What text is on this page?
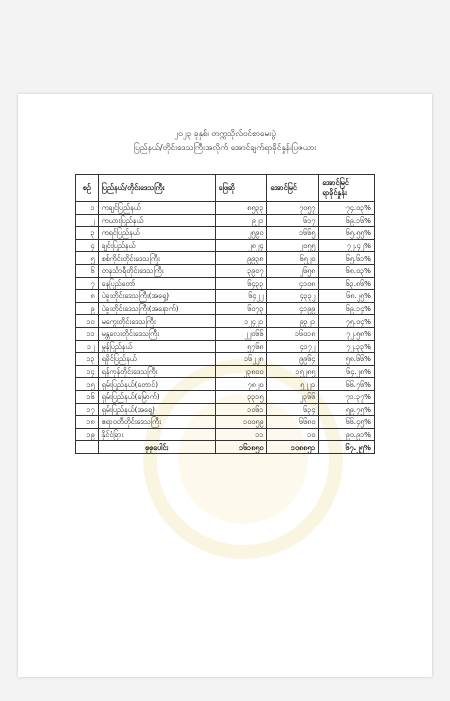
၂၀၂၃ ခုနှစ်၊ တက္ကသိုလ်ဝင်စာမေးပွဲ
ပြည်နယ်/တိုင်းဒေသကြီးအလိုက် အောင်ချက်ရာခိုင်နှုန်းပြဇယား
စဉ်	ပြည်နယ်/တိုင်းဒေသကြီး	ဖြေဆို	အောင်မြင်	အောင်မြင် ရာခိုင်နှုန်း
၁	ကချင်ပြည်နယ်	၈၅၃၃	၇၀၅၇	၇၄.၀၃%
၂	ကယားပြည်နယ်	၉၂၁	၆၁၇	၆၉.၁၆%
၃	ကရင်ပြည်နယ်	၂၅၉၀	၁၆၆၅	၆၅.၅၅%
၄	ချင်းပြည်နယ်	၂၈၂၄	၂၀၅၅	၇၂.၄၂%
၅	စစ်ကိုင်းတိုင်းဒေသကြီး	၉၉၃၈	၆၅၂၀	၆၅.၆၁%
၆	တနင်္သာရီတိုင်းဒေသကြီး	၃၉၀၇	၂၆၅၈	၆၈.၀၃%
၇	နေပြည်တော်	၆၄၃၃	၄၁၀၈	၆၃.၈၆%
၈	ပဲခူးတိုင်းဒေသကြီး(အရှေ့)	၆၄၂၂	၄၃၃၂	၆၈.၂၅%
၉	ပဲခူးတိုင်းဒေသကြီး(အနောက်)	၆၀၇၃	၄၁၉၉	၆၉.၁၄%
၁၀	မကွေးတိုင်းဒေသကြီး	၁၂၄၂၁	၉၃၂၁	၇၅.၀၄%
၁၁	မန္တလေးတိုင်းဒေသကြီး	၂၂၀၆၆	၁၆၀၁၈	၇၂.၅၈%
၁၂	မွန်ပြည်နယ်	၅၇၆၈	၄၁၇၂	၇၂.၃၃%
၁၃	ရခိုင်ပြည်နယ်	၁၆၂၂၈	၉၉၆၄	၅၈.၆၆%
၁၄	ရန်ကုန်တိုင်းဒေသကြီး	၂၃၈၀၀	၁၅၂၈၅	၆၄.၂၈%
၁၅	ရှမ်းပြည်နယ်(တောင်)	၇၈၂၀	၅၂၂၁	၆၆.၇၆%
၁၆	ရှမ်းပြည်နယ်(မြောက်)	၃၃၁၅	၂၃၆၆	၇၁.၃၇%
၁၇	ရှမ်းပြည်နယ်(အရှေ့)	၁၀၆၁	၆၃၄	၅၉.၇၅%
၁၈	ဧရာဝတီတိုင်းဒေသကြီး	၁၀၀၅၉	၆၆၈၀	၆၆.၄၅%
၁၉	နိုင်ငံခြား	၁၁	၁၀	၉၀.၉၁%
	စုစုပေါင်း	၁၆၁၈၅၀	၁၀၈၈၅၁	၆၇.၂၅%
